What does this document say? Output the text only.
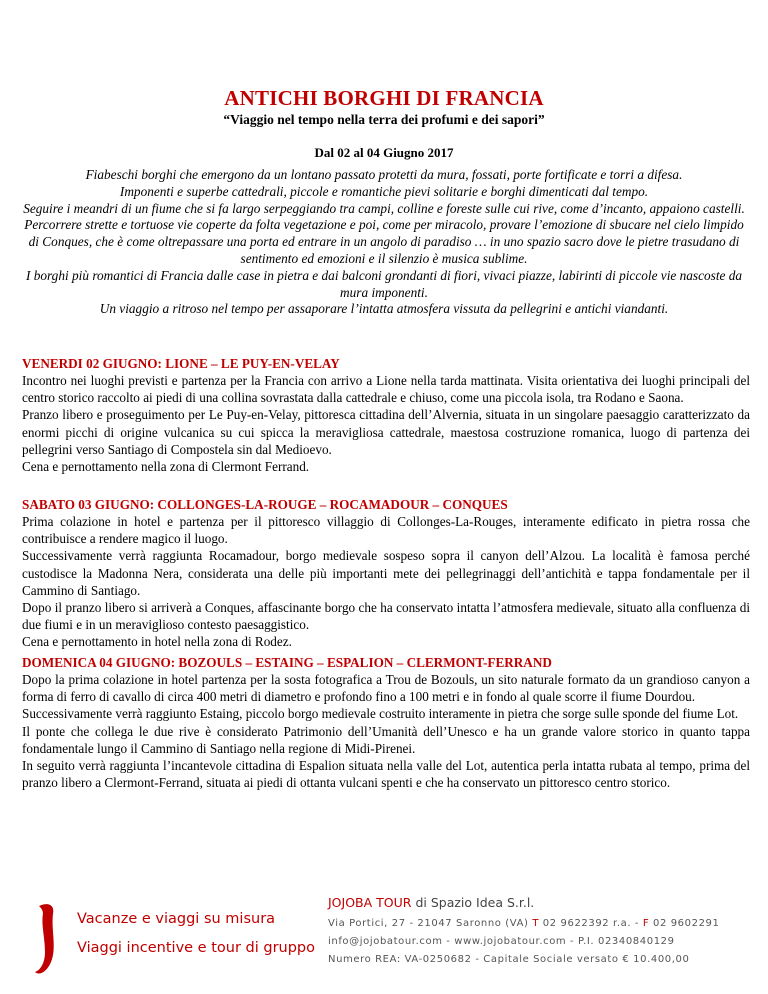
ANTICHI BORGHI DI FRANCIA
“Viaggio nel tempo nella terra dei profumi e dei sapori”
Dal 02 al 04 Giugno 2017

Fiabeschi borghi che emergono da un lontano passato protetti da mura, fossati, porte fortificate e torri a difesa.

Imponenti e superbe cattedrali, piccole e romantiche pievi solitarie e borghi dimenticati dal tempo.

Seguire i meandri di un fiume che si fa largo serpeggiando tra campi, colline e foreste sulle cui rive, come d’incanto, appaiono castelli.

Percorrere strette e tortuose vie coperte da folta vegetazione e poi, come per miracolo, provare l’emozione di sbucare nel cielo limpido di Conques, che è come oltrepassare una porta ed entrare in un angolo di paradiso … in uno spazio sacro dove le pietre trasudano di sentimento ed emozioni e il silenzio è musica sublime.

I borghi più romantici di Francia dalle case in pietra e dai balconi grondanti di fiori, vivaci piazze, labirinti di piccole vie nascoste da mura imponenti.

Un viaggio a ritroso nel tempo per assaporare l’intatta atmosfera vissuta da pellegrini e antichi viandanti.

VENERDI 02 GIUGNO: LIONE – LE PUY-EN-VELAY

Incontro nei luoghi previsti e partenza per la Francia con arrivo a Lione nella tarda mattinata. Visita orientativa dei luoghi principali del centro storico raccolto ai piedi di una collina sovrastata dalla cattedrale e chiuso, come una piccola isola, tra Rodano e Saona.

Pranzo libero e proseguimento per Le Puy-en-Velay, pittoresca cittadina dell’Alvernia, situata in un singolare paesaggio caratterizzato da enormi picchi di origine vulcanica su cui spicca la meravigliosa cattedrale, maestosa costruzione romanica, luogo di partenza dei pellegrini verso Santiago di Compostela sin dal Medioevo.

Cena e pernottamento nella zona di Clermont Ferrand.

SABATO 03 GIUGNO: COLLONGES-LA-ROUGE – ROCAMADOUR – CONQUES

Prima colazione in hotel e partenza per il pittoresco villaggio di Collonges-La-Rouges, interamente edificato in pietra rossa che contribuisce a rendere magico il luogo.

Successivamente verrà raggiunta Rocamadour, borgo medievale sospeso sopra il canyon dell’Alzou. La località è famosa perché custodisce la Madonna Nera, considerata una delle più importanti mete dei pellegrinaggi dell’antichità e tappa fondamentale per il Cammino di Santiago.

Dopo il pranzo libero si arriverà a Conques, affascinante borgo che ha conservato intatta l’atmosfera medievale, situato alla confluenza di due fiumi e in un meraviglioso contesto paesaggistico.

Cena e pernottamento in hotel nella zona di Rodez.

DOMENICA 04 GIUGNO: BOZOULS – ESTAING – ESPALION – CLERMONT-FERRAND

Dopo la prima colazione in hotel partenza per la sosta fotografica a Trou de Bozouls, un sito naturale formato da un grandioso canyon a forma di ferro di cavallo di circa 400 metri di diametro e profondo fino a 100 metri e in fondo al quale scorre il fiume Dourdou.

Successivamente verrà raggiunto Estaing, piccolo borgo medievale costruito interamente in pietra che sorge sulle sponde del fiume Lot.

Il ponte che collega le due rive è considerato Patrimonio dell’Umanità dell’Unesco e ha un grande valore storico in quanto tappa fondamentale lungo il Cammino di Santiago nella regione di Midi-Pirenei.

In seguito verrà raggiunta l’incantevole cittadina di Espalion situata nella valle del Lot, autentica perla intatta rubata al tempo, prima del pranzo libero a Clermont-Ferrand, situata ai piedi di ottanta vulcani spenti e che ha conservato un pittoresco centro storico.

Vacanze e viaggi su misura
Viaggi incentive e tour di gruppo
JOJOBA TOUR di Spazio Idea S.r.l.
Via Portici, 27 - 21047 Saronno (VA) T 02 9622392 r.a. - F 02 9602291
info@jojobatour.com - www.jojobatour.com - P.I. 02340840129
Numero REA: VA-0250682 - Capitale Sociale versato € 10.400,00
